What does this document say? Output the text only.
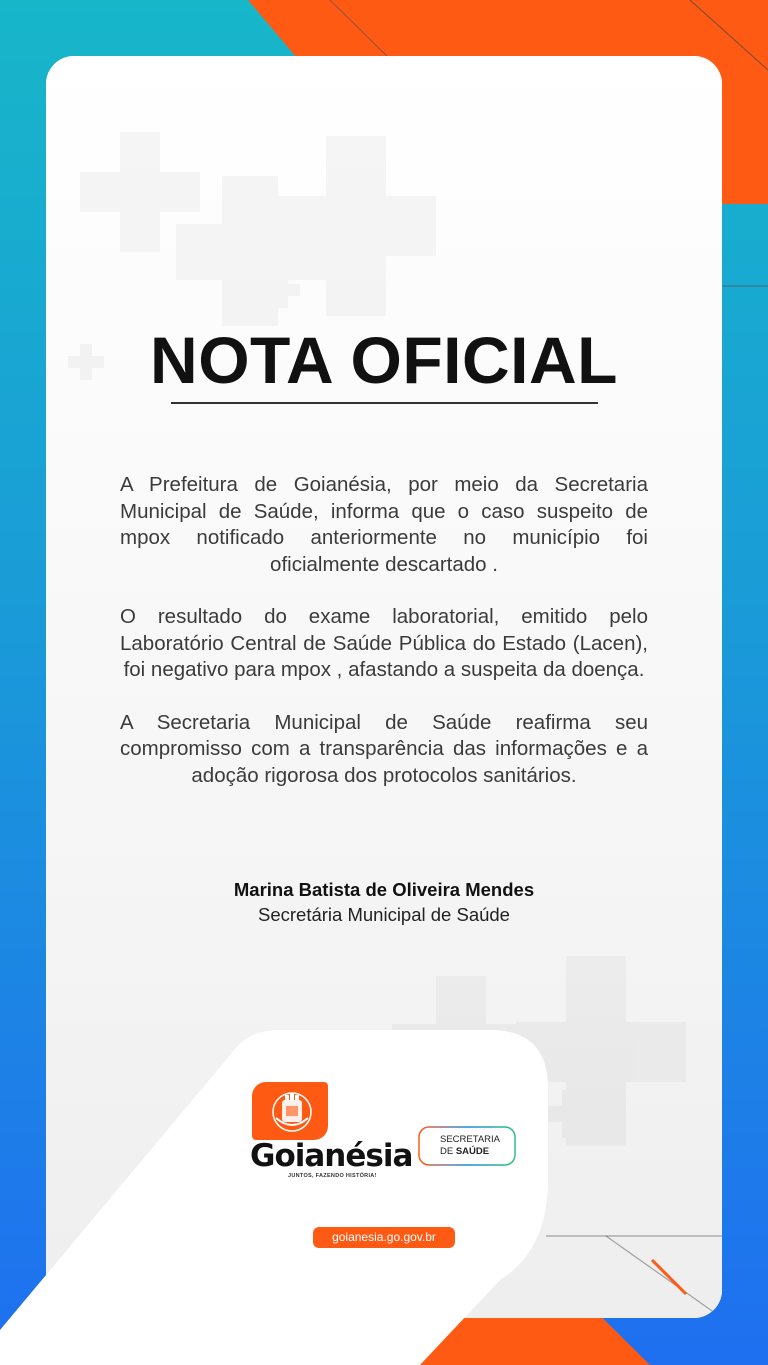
NOTA OFICIAL

A Prefeitura de Goianésia, por meio da Secretaria Municipal de Saúde, informa que o caso suspeito de mpox notificado anteriormente no município foi oficialmente descartado .

O resultado do exame laboratorial, emitido pelo Laboratório Central de Saúde Pública do Estado (Lacen), foi negativo para mpox , afastando a suspeita da doença.

A Secretaria Municipal de Saúde reafirma seu compromisso com a transparência das informações e a adoção rigorosa dos protocolos sanitários.

Marina Batista de Oliveira Mendes
Secretária Municipal de Saúde
Goianésia
JUNTOS, FAZENDO HISTÓRIA!
SECRETARIA
DE SAÚDE
goianesia.go.gov.br
